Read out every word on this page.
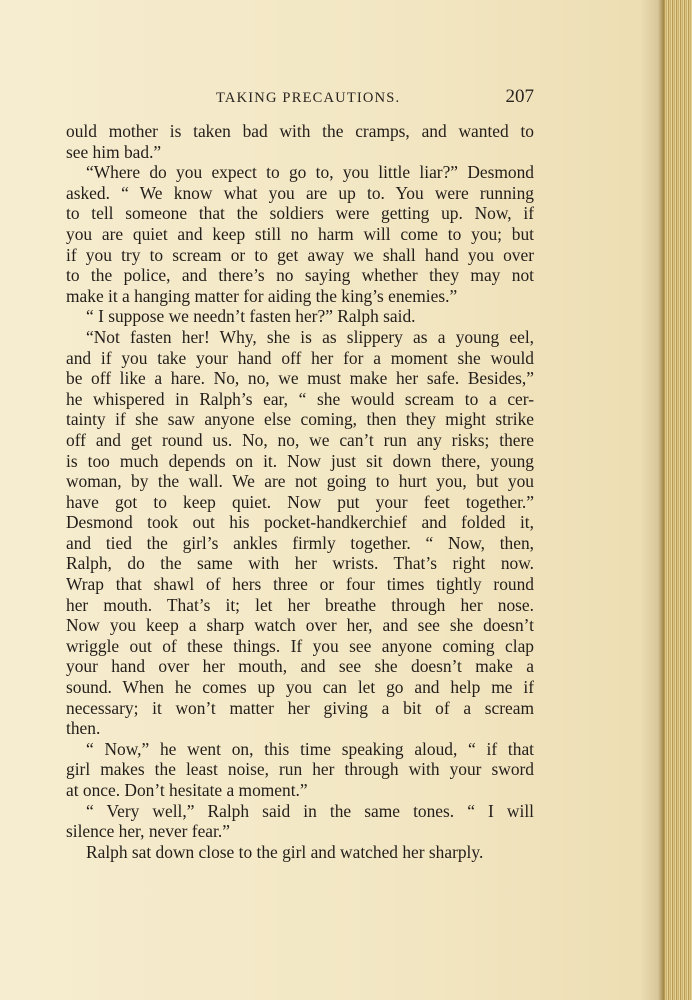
TAKING PRECAUTIONS.	207
ould mother is taken bad with the cramps, and wanted to
see him bad.”
“Where do you expect to go to, you little liar?” Desmond
asked. “ We know what you are up to. You were running
to tell someone that the soldiers were getting up. Now, if
you are quiet and keep still no harm will come to you; but
if you try to scream or to get away we shall hand you over
to the police, and there’s no saying whether they may not
make it a hanging matter for aiding the king’s enemies.”
“ I suppose we needn’t fasten her?” Ralph said.
“Not fasten her! Why, she is as slippery as a young eel,
and if you take your hand off her for a moment she would
be off like a hare. No, no, we must make her safe. Besides,”
he whispered in Ralph’s ear, “ she would scream to a cer-
tainty if she saw anyone else coming, then they might strike
off and get round us. No, no, we can’t run any risks; there
is too much depends on it. Now just sit down there, young
woman, by the wall. We are not going to hurt you, but you
have got to keep quiet. Now put your feet together.”
Desmond took out his pocket-handkerchief and folded it,
and tied the girl’s ankles firmly together. “ Now, then,
Ralph, do the same with her wrists. That’s right now.
Wrap that shawl of hers three or four times tightly round
her mouth. That’s it; let her breathe through her nose.
Now you keep a sharp watch over her, and see she doesn’t
wriggle out of these things. If you see anyone coming clap
your hand over her mouth, and see she doesn’t make a
sound. When he comes up you can let go and help me if
necessary; it won’t matter her giving a bit of a scream
then.
“ Now,” he went on, this time speaking aloud, “ if that
girl makes the least noise, run her through with your sword
at once. Don’t hesitate a moment.”
“ Very well,” Ralph said in the same tones. “ I will
silence her, never fear.”
Ralph sat down close to the girl and watched her sharply.
